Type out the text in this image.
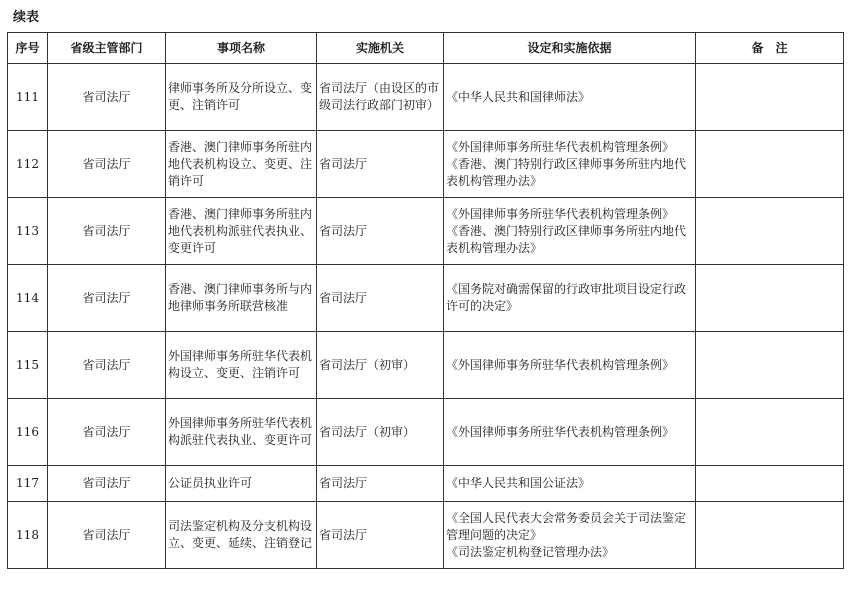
续表
序号	省级主管部门	事项名称	实施机关	设定和实施依据	备　注
111	省司法厅	律师事务所及分所设立、变更、注销许可	省司法厅（由设区的市级司法行政部门初审）	《中华人民共和国律师法》	

112	省司法厅	香港、澳门律师事务所驻内地代表机构设立、变更、注销许可	省司法厅	《外国律师事务所驻华代表机构管理条例》
《香港、澳门特别行政区律师事务所驻内地代表机构管理办法》	

113	省司法厅	香港、澳门律师事务所驻内地代表机构派驻代表执业、变更许可	省司法厅	《外国律师事务所驻华代表机构管理条例》
《香港、澳门特别行政区律师事务所驻内地代表机构管理办法》	

114	省司法厅	香港、澳门律师事务所与内地律师事务所联营核准	省司法厅	《国务院对确需保留的行政审批项目设定行政许可的决定》	

115	省司法厅	外国律师事务所驻华代表机构设立、变更、注销许可	省司法厅（初审）	《外国律师事务所驻华代表机构管理条例》	

116	省司法厅	外国律师事务所驻华代表机构派驻代表执业、变更许可	省司法厅（初审）	《外国律师事务所驻华代表机构管理条例》	

117	省司法厅	公证员执业许可	省司法厅	《中华人民共和国公证法》	

118	省司法厅	司法鉴定机构及分支机构设立、变更、延续、注销登记	省司法厅	《全国人民代表大会常务委员会关于司法鉴定管理问题的决定》
《司法鉴定机构登记管理办法》	
